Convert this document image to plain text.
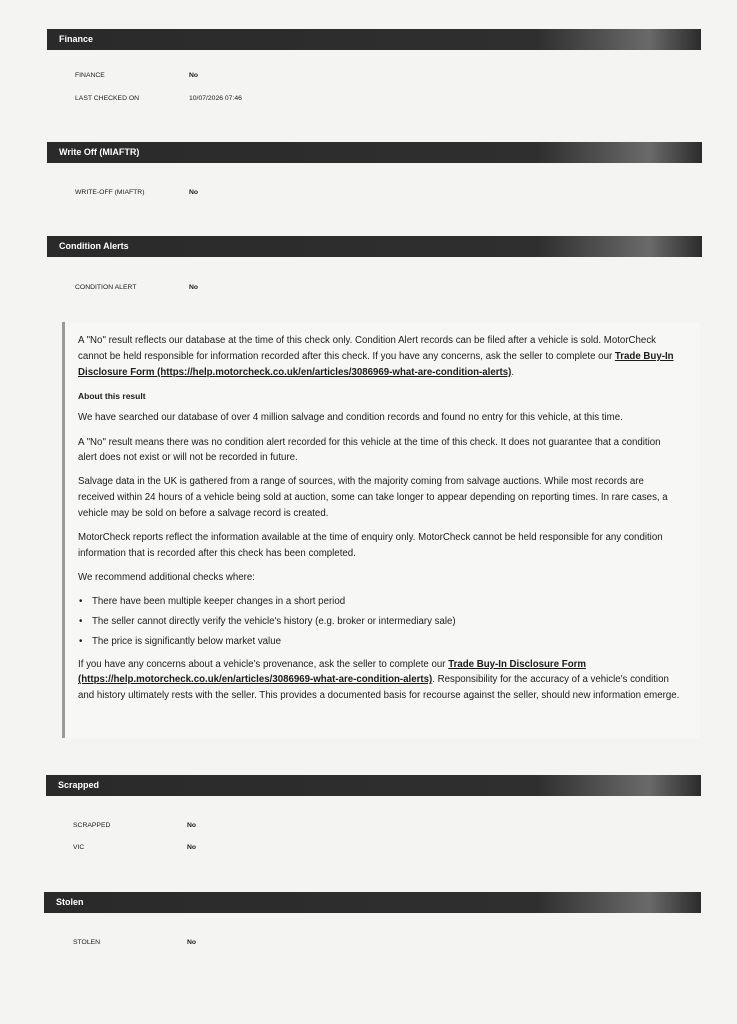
Finance
FINANCE	No
LAST CHECKED ON	10/07/2026 07:46
Write Off (MIAFTR)
WRITE-OFF (MIAFTR)	No
Condition Alerts
CONDITION ALERT	No

A "No" result reflects our database at the time of this check only. Condition Alert records can be filed after a vehicle is sold. MotorCheck cannot be held responsible for information recorded after this check. If you have any concerns, ask the seller to complete our Trade Buy-In Disclosure Form (https://help.motorcheck.co.uk/en/articles/3086969-what-are-condition-alerts).

About this result

We have searched our database of over 4 million salvage and condition records and found no entry for this vehicle, at this time.

A "No" result means there was no condition alert recorded for this vehicle at the time of this check. It does not guarantee that a condition alert does not exist or will not be recorded in future.

Salvage data in the UK is gathered from a range of sources, with the majority coming from salvage auctions. While most records are received within 24 hours of a vehicle being sold at auction, some can take longer to appear depending on reporting times. In rare cases, a vehicle may be sold on before a salvage record is created.

MotorCheck reports reflect the information available at the time of enquiry only. MotorCheck cannot be held responsible for any condition information that is recorded after this check has been completed.

We recommend additional checks where:

• There have been multiple keeper changes in a short period
• The seller cannot directly verify the vehicle's history (e.g. broker or intermediary sale)
• The price is significantly below market value

If you have any concerns about a vehicle's provenance, ask the seller to complete our Trade Buy-In Disclosure Form (https://help.motorcheck.co.uk/en/articles/3086969-what-are-condition-alerts). Responsibility for the accuracy of a vehicle's condition and history ultimately rests with the seller. This provides a documented basis for recourse against the seller, should new information emerge.

Scrapped
SCRAPPED	No
VIC	No
Stolen
STOLEN	No
